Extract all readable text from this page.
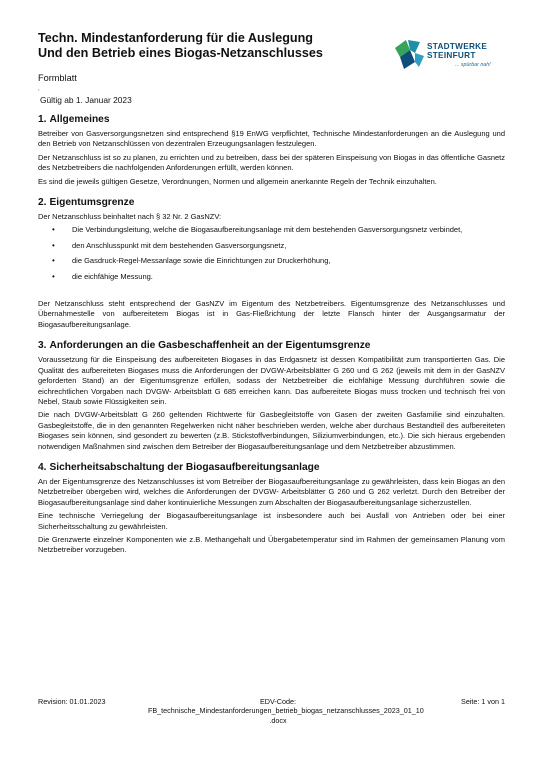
Techn. Mindestanforderung für die Auslegung
Und den Betrieb eines Biogas-Netzanschlusses	STADTWERKE
STEINFURT
... spürbar nah!
Formblatt
,
Gültig ab 1. Januar 2023
1. Allgemeines

Betreiber von Gasversorgungsnetzen sind entsprechend §19 EnWG verpflichtet, Technische Mindestanforderungen an die Auslegung und den Betrieb von Netzanschlüssen von dezentralen Erzeugungsanlagen festzulegen.

Der Netzanschluss ist so zu planen, zu errichten und zu betreiben, dass bei der späteren Einspeisung von Biogas in das öffentliche Gasnetz des Netzbetreibers die nachfolgenden Anforderungen erfüllt, werden können.

Es sind die jeweils gültigen Gesetze, Verordnungen, Normen und allgemein anerkannte Regeln der Technik einzuhalten.

2. Eigentumsgrenze

Der Netzanschluss beinhaltet nach § 32 Nr. 2 GasNZV:

• Die Verbindungsleitung, welche die Biogasaufbereitungsanlage mit dem bestehenden Gasversorgungsnetz verbindet,
• den Anschlusspunkt mit dem bestehenden Gasversorgungsnetz,
• die Gasdruck-Regel-Messanlage sowie die Einrichtungen zur Druckerhöhung,
• die eichfähige Messung.

Der Netzanschluss steht entsprechend der GasNZV im Eigentum des Netzbetreibers. Eigentumsgrenze des Netzanschlusses und Übernahmestelle von aufbereitetem Biogas ist in Gas-Fließrichtung der letzte Flansch hinter der Ausgangsarmatur der Biogasaufbereitungsanlage.

3. Anforderungen an die Gasbeschaffenheit an der Eigentumsgrenze

Voraussetzung für die Einspeisung des aufbereiteten Biogases in das Erdgasnetz ist dessen Kompatibilität zum transportierten Gas. Die Qualität des aufbereiteten Biogases muss die Anforderungen der DVGW-Arbeitsblätter G 260 und G 262 (jeweils mit dem in der GasNZV geforderten Stand) an der Eigentumsgrenze erfüllen, sodass der Netzbetreiber die eichfähige Messung durchführen sowie die eichrechtlichen Vorgaben nach DVGW- Arbeitsblatt G 685 erreichen kann. Das aufbereitete Biogas muss trocken und technisch frei von Nebel, Staub sowie Flüssigkeiten sein.

Die nach DVGW-Arbeitsblatt G 260 geltenden Richtwerte für Gasbegleitstoffe von Gasen der zweiten Gasfamilie sind einzuhalten. Gasbegleitstoffe, die in den genannten Regelwerken nicht näher beschrieben werden, welche aber durchaus Bestandteil des aufbereiteten Biogases sein können, sind gesondert zu bewerten (z.B. Stickstoffverbindungen, Siliziumverbindungen, etc.). Die sich hieraus ergebenden notwendigen Maßnahmen sind zwischen dem Betreiber der Biogasaufbereitungsanlage und dem Netzbetreiber abzustimmen.

4. Sicherheitsabschaltung der Biogasaufbereitungsanlage

An der Eigentumsgrenze des Netzanschlusses ist vom Betreiber der Biogasaufbereitungsanlage zu gewährleisten, dass kein Biogas an den Netzbetreiber übergeben wird, welches die Anforderungen der DVGW- Arbeitsblätter G 260 und G 262 verletzt. Durch den Betreiber der Biogasaufbereitungsanlage sind daher kontinuierliche Messungen zum Abschalten der Biogasaufbereitungsanlage sicherzustellen.

Eine technische Verriegelung der Biogasaufbereitungsanlage ist insbesondere auch bei Ausfall von Antrieben oder bei einer Sicherheitsschaltung zu gewährleisten.

Die Grenzwerte einzelner Komponenten wie z.B. Methangehalt und Übergabetemperatur sind im Rahmen der gemeinsamen Planung vom Netzbetreiber vorzugeben.

Revision: 01.01.2023	EDV-Code:
FB_technische_Mindestanforderungen_betrieb_biogas_netzanschlusses_2023_01_10
.docx
Seite: 1 von 1
